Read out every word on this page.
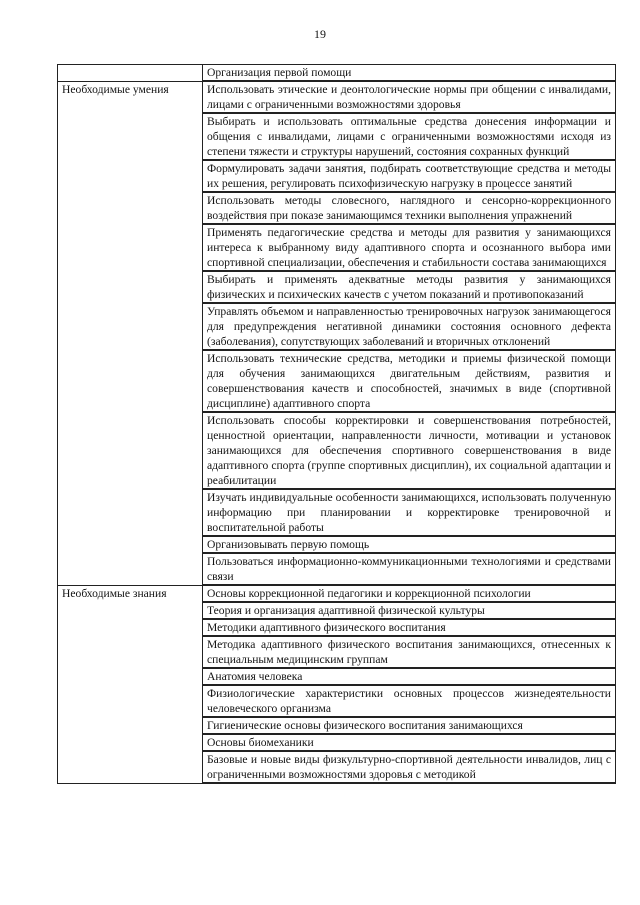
19
	Организация первой помощи
Необходимые умения	Использовать этические и деонтологические нормы при общении с инвалидами, лицами с ограниченными возможностями здоровья
	Выбирать и использовать оптимальные средства донесения информации и общения с инвалидами, лицами с ограниченными возможностями исходя из степени тяжести и структуры нарушений, состояния сохранных функций
	Формулировать задачи занятия, подбирать соответствующие средства и методы их решения, регулировать психофизическую нагрузку в процессе занятий
	Использовать методы словесного, наглядного и сенсорно-коррекционного воздействия при показе занимающимся техники выполнения упражнений
	Применять педагогические средства и методы для развития у занимающихся интереса к выбранному виду адаптивного спорта и осознанного выбора ими спортивной специализации, обеспечения и стабильности состава занимающихся
	Выбирать и применять адекватные методы развития у занимающихся физических и психических качеств с учетом показаний и противопоказаний
	Управлять объемом и направленностью тренировочных нагрузок занимающегося для предупреждения негативной динамики состояния основного дефекта (заболевания), сопутствующих заболеваний и вторичных отклонений
	Использовать технические средства, методики и приемы физической помощи для обучения занимающихся двигательным действиям, развития и совершенствования качеств и способностей, значимых в виде (спортивной дисциплине) адаптивного спорта
	Использовать способы корректировки и совершенствования потребностей, ценностной ориентации, направленности личности, мотивации и установок занимающихся для обеспечения спортивного совершенствования в виде адаптивного спорта (группе спортивных дисциплин), их социальной адаптации и реабилитации
	Изучать индивидуальные особенности занимающихся, использовать полученную информацию при планировании и корректировке тренировочной и воспитательной работы
	Организовывать первую помощь
	Пользоваться информационно-коммуникационными технологиями и средствами связи
Необходимые знания	Основы коррекционной педагогики и коррекционной психологии
	Теория и организация адаптивной физической культуры
	Методики адаптивного физического воспитания
	Методика адаптивного физического воспитания занимающихся, отнесенных к специальным медицинским группам
	Анатомия человека
	Физиологические характеристики основных процессов жизнедеятельности человеческого организма
	Гигиенические основы физического воспитания занимающихся
	Основы биомеханики
	Базовые и новые виды физкультурно-спортивной деятельности инвалидов, лиц с ограниченными возможностями здоровья с методикой
